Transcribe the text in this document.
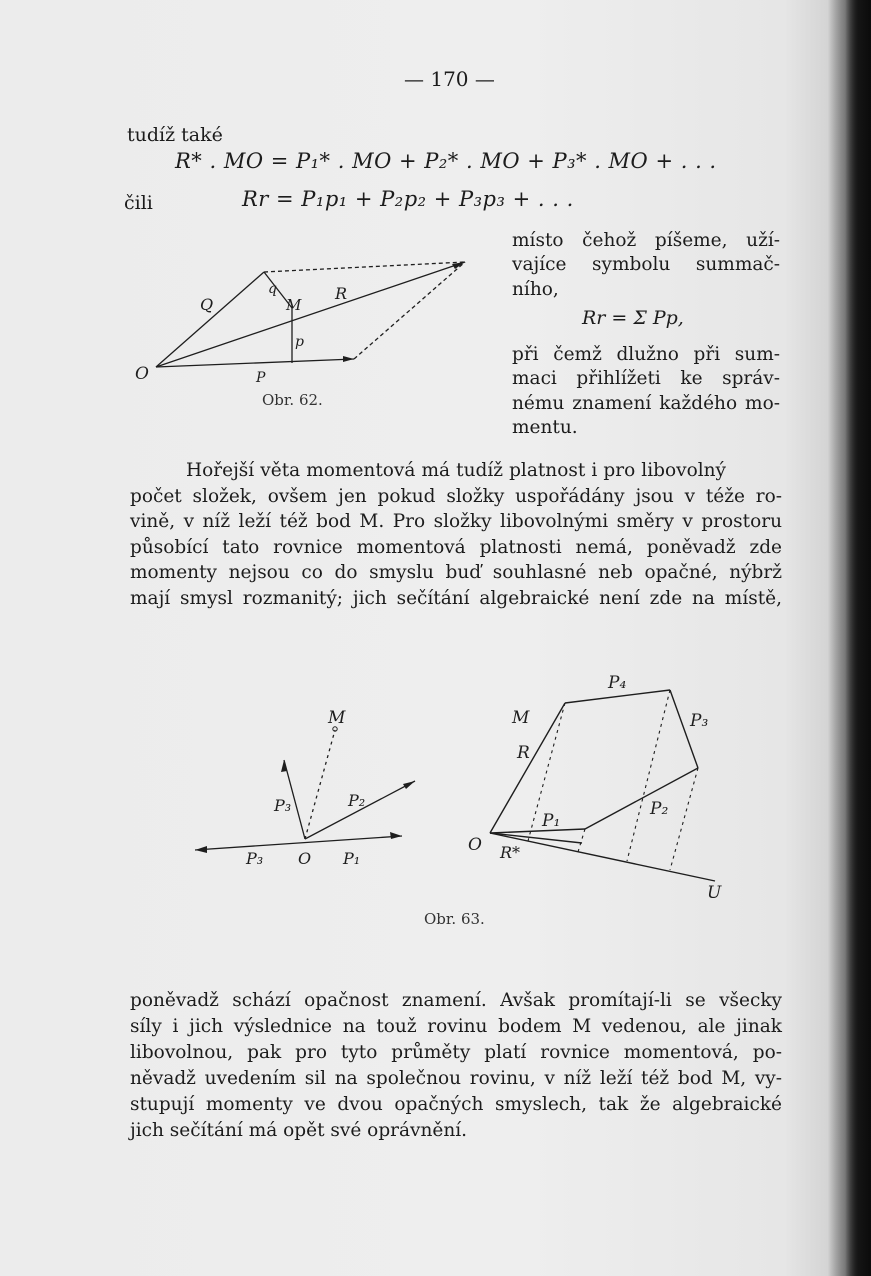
— 170 —
tudíž také
R* . MO = P₁* . MO + P₂* . MO + P₃* . MO + . . .
čili	Rr = P₁p₁ + P₂p₂ + P₃p₃ + . . .
místo čehož píšeme, uží-
vajíce symbolu summač-
ního,
Rr = Σ Pp,
při čemž dlužno při sum-
maci přihlížeti ke správ-
nému znamení každého mo-
mentu.
O
Q
q
M
R
p
P
Obr. 62.
Hořejší věta momentová má tudíž platnost i pro libovolný
počet složek, ovšem jen pokud složky uspořádány jsou v téže ro-
vině, v níž leží též bod M. Pro složky libovolnými směry v prostoru
působící tato rovnice momentová platnosti nemá, poněvadž zde
momenty nejsou co do smyslu buď souhlasné neb opačné, nýbrž
mají smysl rozmanitý; jich sečítání algebraické není zde na místě,
M
P₃	P₂
P₃ O P₁
M
R
P₄
P₃
P₂
P₁
O R*
U
Obr. 63.
poněvadž schází opačnost znamení. Avšak promítají-li se všecky
síly i jich výslednice na touž rovinu bodem M vedenou, ale jinak
libovolnou, pak pro tyto průměty platí rovnice momentová, po-
něvadž uvedením sil na společnou rovinu, v níž leží též bod M, vy-
stupují momenty ve dvou opačných smyslech, tak že algebraické
jich sečítání má opět své oprávnění.
